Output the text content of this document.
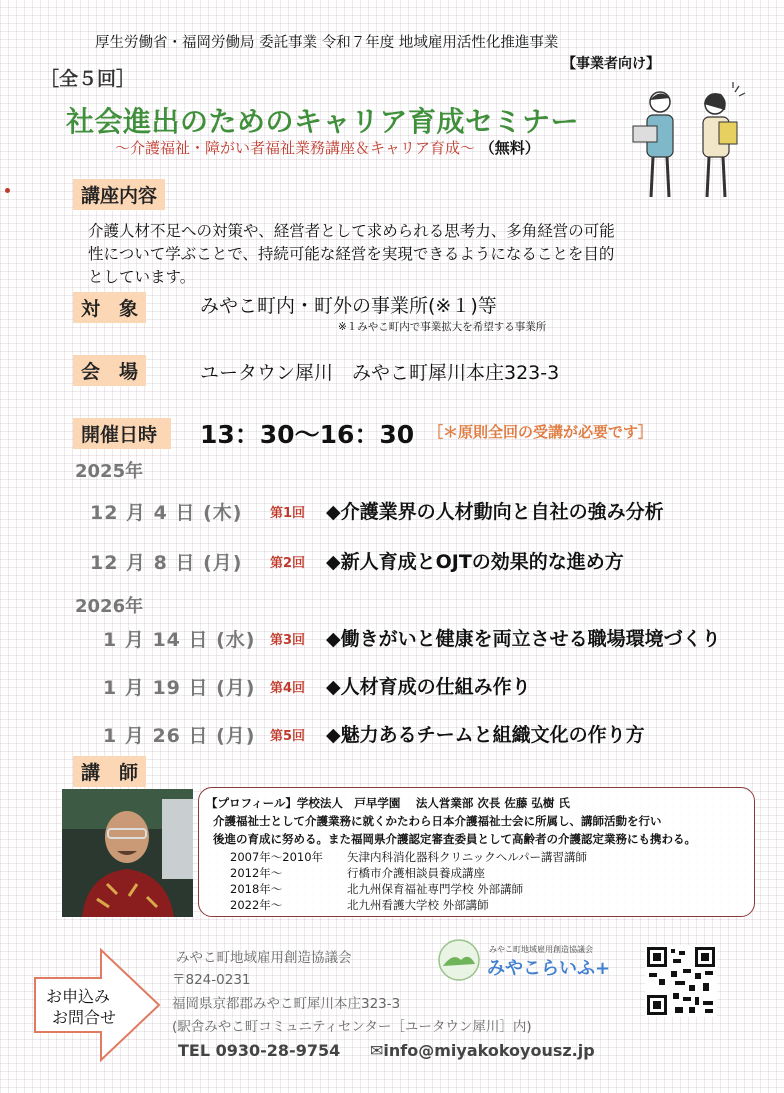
厚生労働省・福岡労働局 委託事業 令和７年度 地域雇用活性化推進事業
【事業者向け】
［全５回］
社会進出のためのキャリア育成セミナー
～介護福祉・障がい者福祉業務講座＆キャリア育成～ （無料）
講座内容
介護人材不足への対策や、経営者として求められる思考力、多角経営の可能
性について学ぶことで、持続可能な経営を実現できるようになることを目的
としています。
対　象	みやこ町内・町外の事業所(※１)等
※１みやこ町内で事業拡大を希望する事業所
会　場	ユータウン犀川　みやこ町犀川本庄323-3
開催日時	13：30～16：30 ［＊原則全回の受講が必要です］
2025年
12 月 4 日 (木) 第1回 ◆介護業界の人材動向と自社の強み分析
12 月 8 日 (月) 第2回 ◆新人育成とOJTの効果的な進め方
2026年
1 月 14 日 (水) 第3回 ◆働きがいと健康を両立させる職場環境づくり
1 月 19 日 (月) 第4回 ◆人材育成の仕組み作り
1 月 26 日 (月) 第5回 ◆魅力あるチームと組織文化の作り方
講　師
【プロフィール】学校法人　戸早学園　 法人営業部 次長 佐藤 弘樹 氏
介護福祉士として介護業務に就くかたわら日本介護福祉士会に所属し、講師活動を行い
後進の育成に努める。また福岡県介護認定審査委員として高齢者の介護認定業務にも携わる。
2007年～2010年 矢津内科消化器科クリニックヘルパー講習講師
2012年～	行橋市介護相談員養成講座
2018年～	北九州保育福祉専門学校 外部講師
2022年～	北九州看護大学校 外部講師
お申込み
お問合せ
みやこ町地域雇用創造協議会
〒824-0231
福岡県京都郡みやこ町犀川本庄323-3
(駅舎みやこ町コミュニティセンター［ユータウン犀川］内)
TEL 0930-28-9754 ✉info@miyakokoyousz.jp
みやこ町地域雇用創造協議会
みやこらいふ+
